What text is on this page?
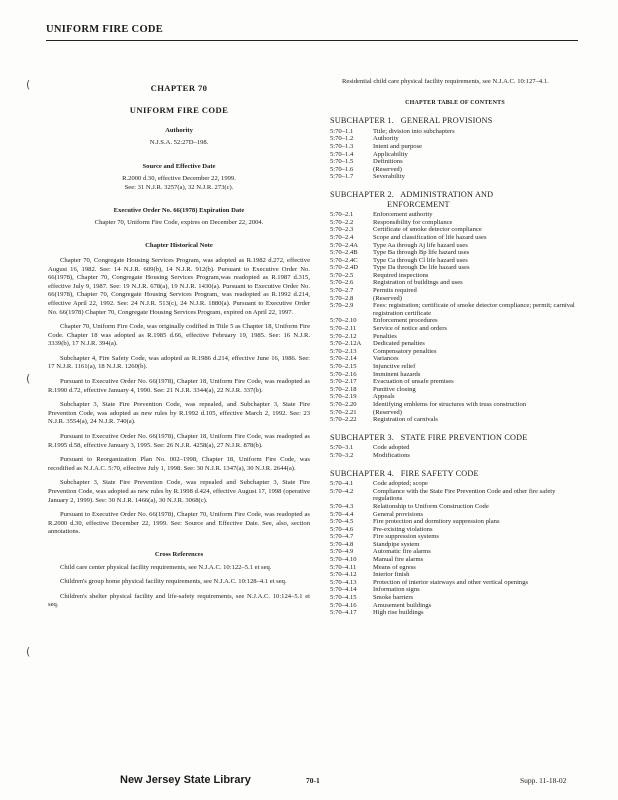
UNIFORM FIRE CODE
(
(
(
CHAPTER 70
UNIFORM FIRE CODE
Authority
N.J.S.A. 52:27D–198.
Source and Effective Date
R.2000 d.30, effective December 22, 1999.
See: 31 N.J.R. 3257(a), 32 N.J.R. 273(c).
Executive Order No. 66(1978) Expiration Date
Chapter 70, Uniform Fire Code, expires on December 22, 2004.
Chapter Historical Note

Chapter 70, Congregate Housing Services Program, was adopted as R.1982 d.272, effective August 16, 1982. See: 14 N.J.R. 609(b), 14 N.J.R. 912(b). Pursuant to Executive Order No. 66(1978), Chapter 70, Congregate Housing Services Program,was readopted as R.1987 d.315, effective July 9, 1987. See: 19 N.J.R. 678(a), 19 N.J.R. 1430(a). Pursuant to Executive Order No. 66(1978), Chapter 70, Congregate Housing Services Program, was readopted as R.1992 d.214, effective April 22, 1992. See: 24 N.J.R. 513(c), 24 N.J.R. 1880(a). Pursuant to Executive Order No. 66(1978) Chapter 70, Congregate Housing Services Program, expired on April 22, 1997.

Chapter 70, Uniform Fire Code, was originally codified in Title 5 as Chapter 18, Uniform Fire Code. Chapter 18 was adopted as R.1985 d.66, effective February 19, 1985. See: 16 N.J.R. 3339(b), 17 N.J.R. 394(a).

Subchapter 4, Fire Safety Code, was adopted as R.1986 d.214, effective June 16, 1986. See: 17 N.J.R. 1161(a), 18 N.J.R. 1260(b).

Pursuant to Executive Order No. 66(1978), Chapter 18, Uniform Fire Code, was readopted as R.1990 d.72, effective January 4, 1990. See: 21 N.J.R. 3344(a), 22 N.J.R. 337(b).

Subchapter 3, State Fire Prevention Code, was repealed, and Subchapter 3, State Fire Prevention Code, was adopted as new rules by R.1992 d.105, effective March 2, 1992. See: 23 N.J.R. 3554(a), 24 N.J.R. 740(a).

Pursuant to Executive Order No. 66(1978), Chapter 18, Uniform Fire Code, was readopted as R.1995 d.58, effective January 3, 1995. See: 26 N.J.R. 4258(a), 27 N.J.R. 878(b).

Pursuant to Reorganization Plan No. 002–1998, Chapter 18, Uniform Fire Code, was recodified as N.J.A.C. 5:70, effective July 1, 1998. See: 30 N.J.R. 1347(a), 30 N.J.R. 2644(a).

Subchapter 3, State Fire Prevention Code, was repealed and Subchapter 3, State Fire Prevention Code, was adopted as new rules by R.1998 d.424, effective August 17, 1998 (operative January 2, 1999). See: 30 N.J.R. 1466(a), 30 N.J.R. 3068(c).

Pursuant to Executive Order No. 66(1978), Chapter 70, Uniform Fire Code, was readopted as R.2000 d.30, effective December 22, 1999. See: Source and Effective Date. See, also, section annotations.

Cross References

Child care center physical facility requirements, see N.J.A.C. 10:122–5.1 et seq.

Children's group home physical facility requirements, see N.J.A.C. 10:128–4.1 et seq.

Children's shelter physical facility and life-safety requirements, see N.J.A.C. 10:124–5.1 et seq.

Residential child care physical facility requirements, see N.J.A.C. 10:127–4.1.

CHAPTER TABLE OF CONTENTS
SUBCHAPTER 1.   GENERAL PROVISIONS
5:70–1.1	Title; division into subchapters
5:70–1.2	Authority
5:70–1.3	Intent and purpose
5:70–1.4	Applicability
5:70–1.5	Definitions
5:70–1.6	(Reserved)
5:70–1.7	Severability
SUBCHAPTER 2.   ADMINISTRATION AND
ENFORCEMENT
5:70–2.1	Enforcement authority
5:70–2.2	Responsibility for compliance
5:70–2.3	Certificate of smoke detector compliance
5:70–2.4	Scope and classification of life hazard uses
5:70–2.4A	Type Aa through Aj life hazard uses
5:70–2.4B	Type Ba through Bp life hazard uses
5:70–2.4C	Type Ca through Cl life hazard uses
5:70–2.4D	Type Da through De life hazard uses
5:70–2.5	Required inspections
5:70–2.6	Registration of buildings and uses
5:70–2.7	Permits required
5:70–2.8	(Reserved)
5:70–2.9	Fees: registration; certificate of smoke detector compliance; permit; carnival registration certificate
5:70–2.10	Enforcement procedures
5:70–2.11	Service of notice and orders
5:70–2.12	Penalties
5:70–2.12A	Dedicated penalties
5:70–2.13	Compensatory penalties
5:70–2.14	Variances
5:70–2.15	Injunctive relief
5:70–2.16	Imminent hazards
5:70–2.17	Evacuation of unsafe premises
5:70–2.18	Punitive closing
5:70–2.19	Appeals
5:70–2.20	Identifying emblems for structures with truss construction
5:70–2.21	(Reserved)
5:70–2.22	Registration of carnivals
SUBCHAPTER 3.   STATE FIRE PREVENTION CODE
5:70–3.1	Code adopted
5:70–3.2	Modifications
SUBCHAPTER 4.   FIRE SAFETY CODE
5:70–4.1	Code adopted; scope
5:70–4.2	Compliance with the State Fire Prevention Code and other fire safety regulations
5:70–4.3	Relationship to Uniform Construction Code
5:70–4.4	General provisions
5:70–4.5	Fire protection and dormitory suppression plans
5:70–4.6	Pre-existing violations
5:70–4.7	Fire suppression systems
5:70–4.8	Standpipe system
5:70–4.9	Automatic fire alarms
5:70–4.10	Manual fire alarms
5:70–4.11	Means of egress
5:70–4.12	Interior finish
5:70–4.13	Protection of interior stairways and other vertical openings
5:70–4.14	Information signs
5:70–4.15	Smoke barriers
5:70–4.16	Amusement buildings
5:70–4.17	High rise buildings
New Jersey State Library	70-1	Supp. 11-18-02
